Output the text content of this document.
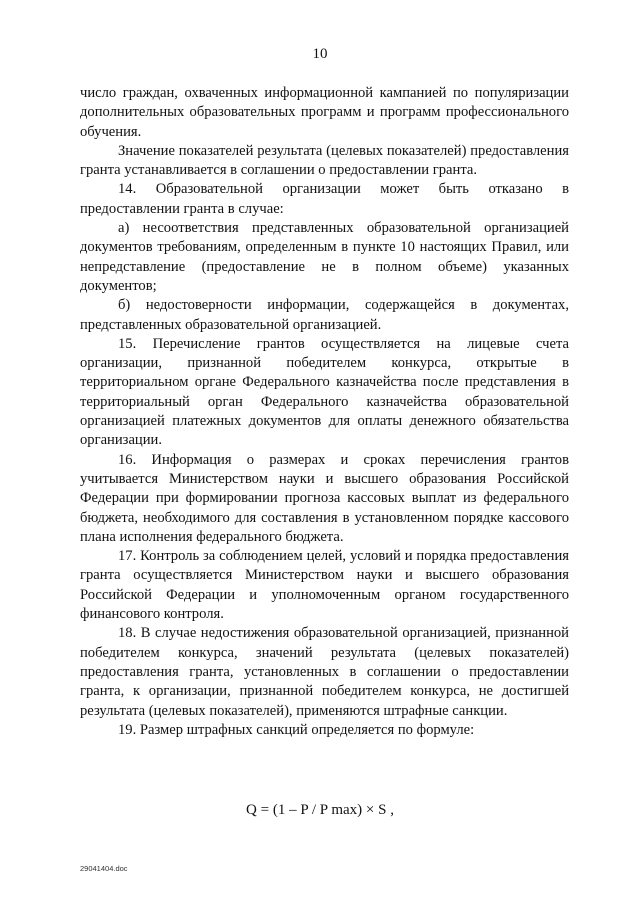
10

число граждан, охваченных информационной кампанией по популяризации дополнительных образовательных программ и программ профессионального обучения.

Значение показателей результата (целевых показателей) предоставления гранта устанавливается в соглашении о предоставлении гранта.

14. Образовательной организации может быть отказано в предоставлении гранта в случае:

а) несоответствия представленных образовательной организацией документов требованиям, определенным в пункте 10 настоящих Правил, или непредставление (предоставление не в полном объеме) указанных документов;

б) недостоверности информации, содержащейся в документах, представленных образовательной организацией.

15. Перечисление грантов осуществляется на лицевые счета организации, признанной победителем конкурса, открытые в территориальном органе Федерального казначейства после представления в территориальный орган Федерального казначейства образовательной организацией платежных документов для оплаты денежного обязательства организации.

16. Информация о размерах и сроках перечисления грантов учитывается Министерством науки и высшего образования Российской Федерации при формировании прогноза кассовых выплат из федерального бюджета, необходимого для составления в установленном порядке кассового плана исполнения федерального бюджета.

17. Контроль за соблюдением целей, условий и порядка предоставления гранта осуществляется Министерством науки и высшего образования Российской Федерации и уполномоченным органом государственного финансового контроля.

18. В случае недостижения образовательной организацией, признанной победителем конкурса, значений результата (целевых показателей) предоставления гранта, установленных в соглашении о предоставлении гранта, к организации, признанной победителем конкурса, не достигшей результата (целевых показателей), применяются штрафные санкции.

19. Размер штрафных санкций определяется по формуле:

Q = (1 – P / P max) × S ,
29041404.doc
